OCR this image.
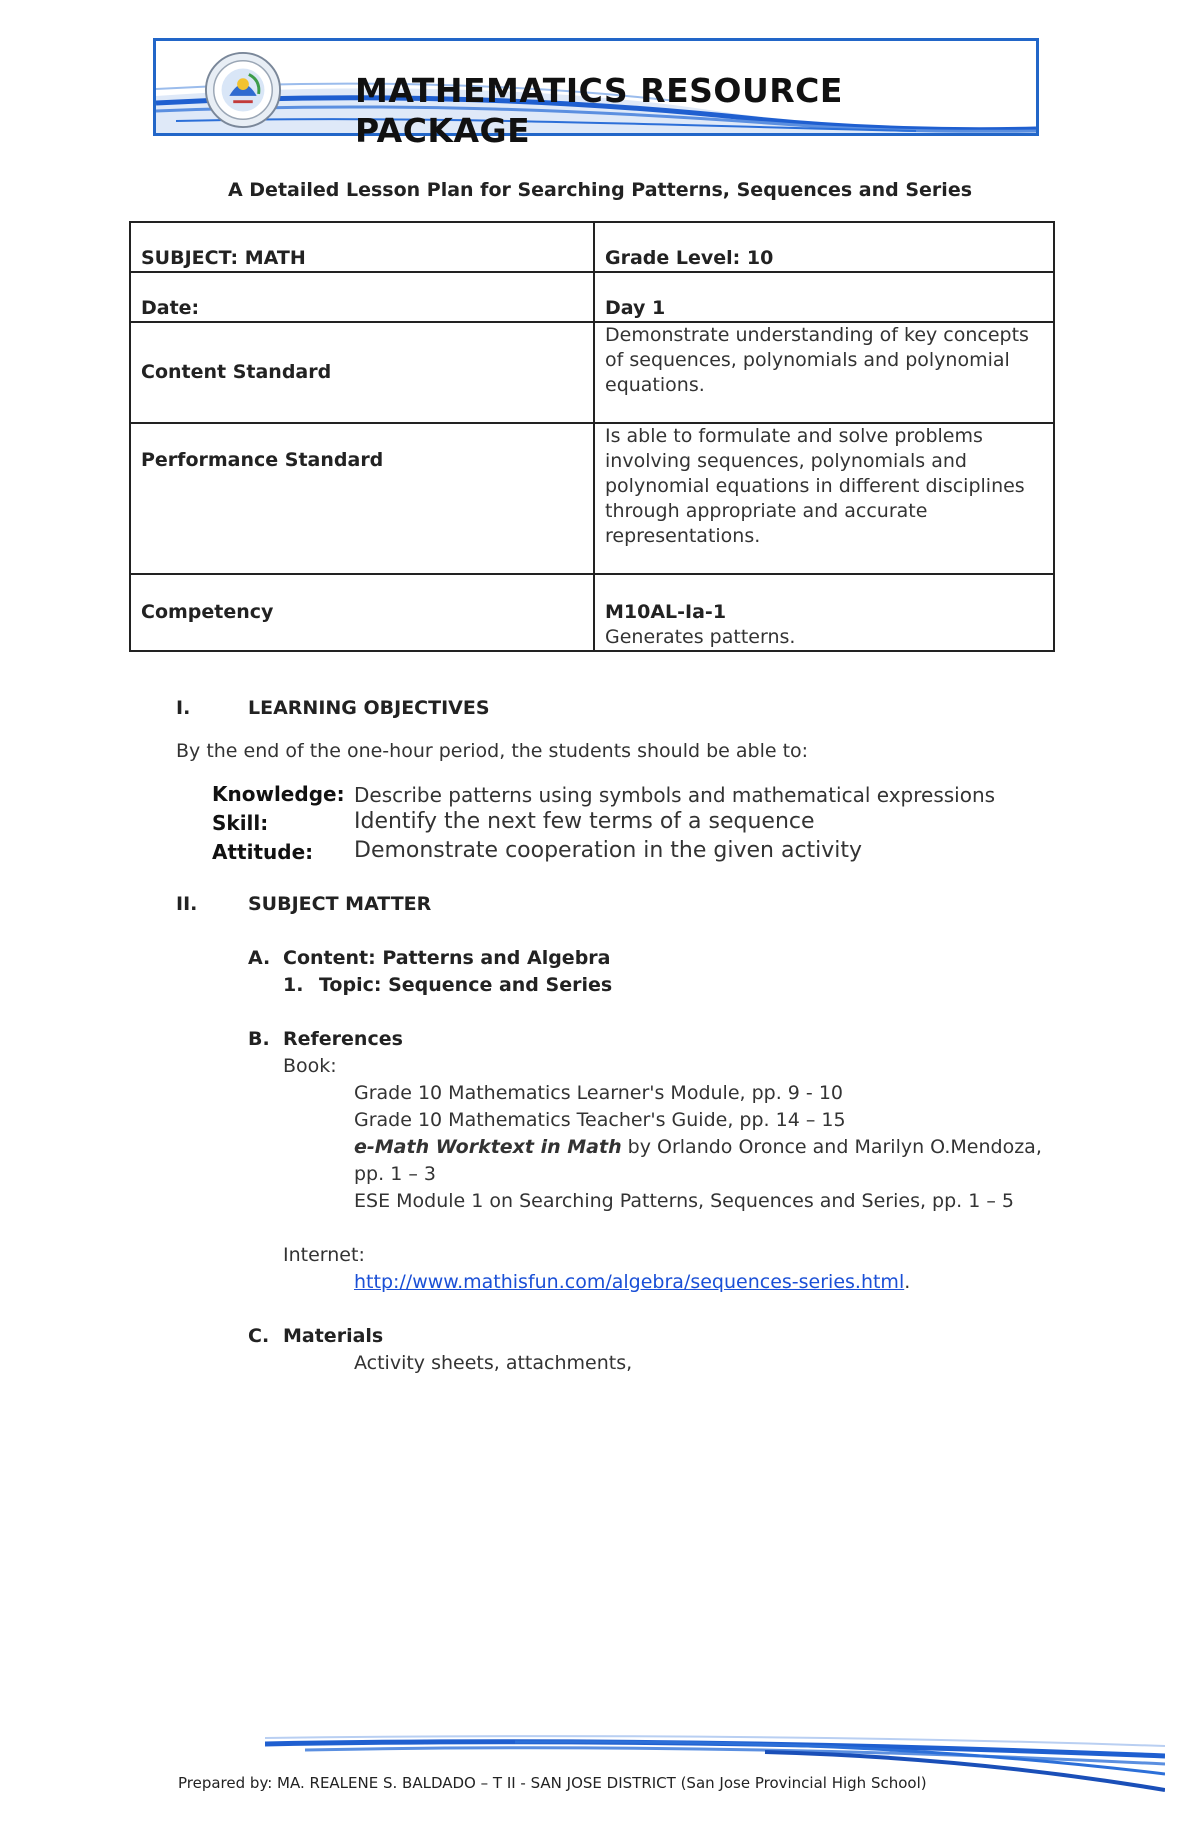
MATHEMATICS RESOURCE PACKAGE
A Detailed Lesson Plan for Searching Patterns, Sequences and Series
SUBJECT: MATH	Grade Level: 10
Date:	Day 1
Content Standard	Demonstrate understanding of key concepts of sequences, polynomials and polynomial equations.
Performance Standard	Is able to formulate and solve problems involving sequences, polynomials and polynomial equations in different disciplines through appropriate and accurate representations.
Competency	M10AL-Ia-1
Generates patterns.
I.	LEARNING OBJECTIVES
By the end of the one-hour period, the students should be able to:
Knowledge: Describe patterns using symbols and mathematical expressions
Skill:	Identify the next few terms of a sequence
Attitude: Demonstrate cooperation in the given activity
II.	SUBJECT MATTER
A. Content: Patterns and Algebra
1. Topic: Sequence and Series
B. References
Book:
Grade 10 Mathematics Learner's Module, pp. 9 - 10
Grade 10 Mathematics Teacher's Guide, pp. 14 – 15
e-Math Worktext in Math by Orlando Oronce and Marilyn O.Mendoza,
pp. 1 – 3
ESE Module 1 on Searching Patterns, Sequences and Series, pp. 1 – 5
Internet:
http://www.mathisfun.com/algebra/sequences-series.html.
C. Materials
Activity sheets, attachments,
Prepared by: MA. REALENE S. BALDADO – T II - SAN JOSE DISTRICT (San Jose Provincial High School)
